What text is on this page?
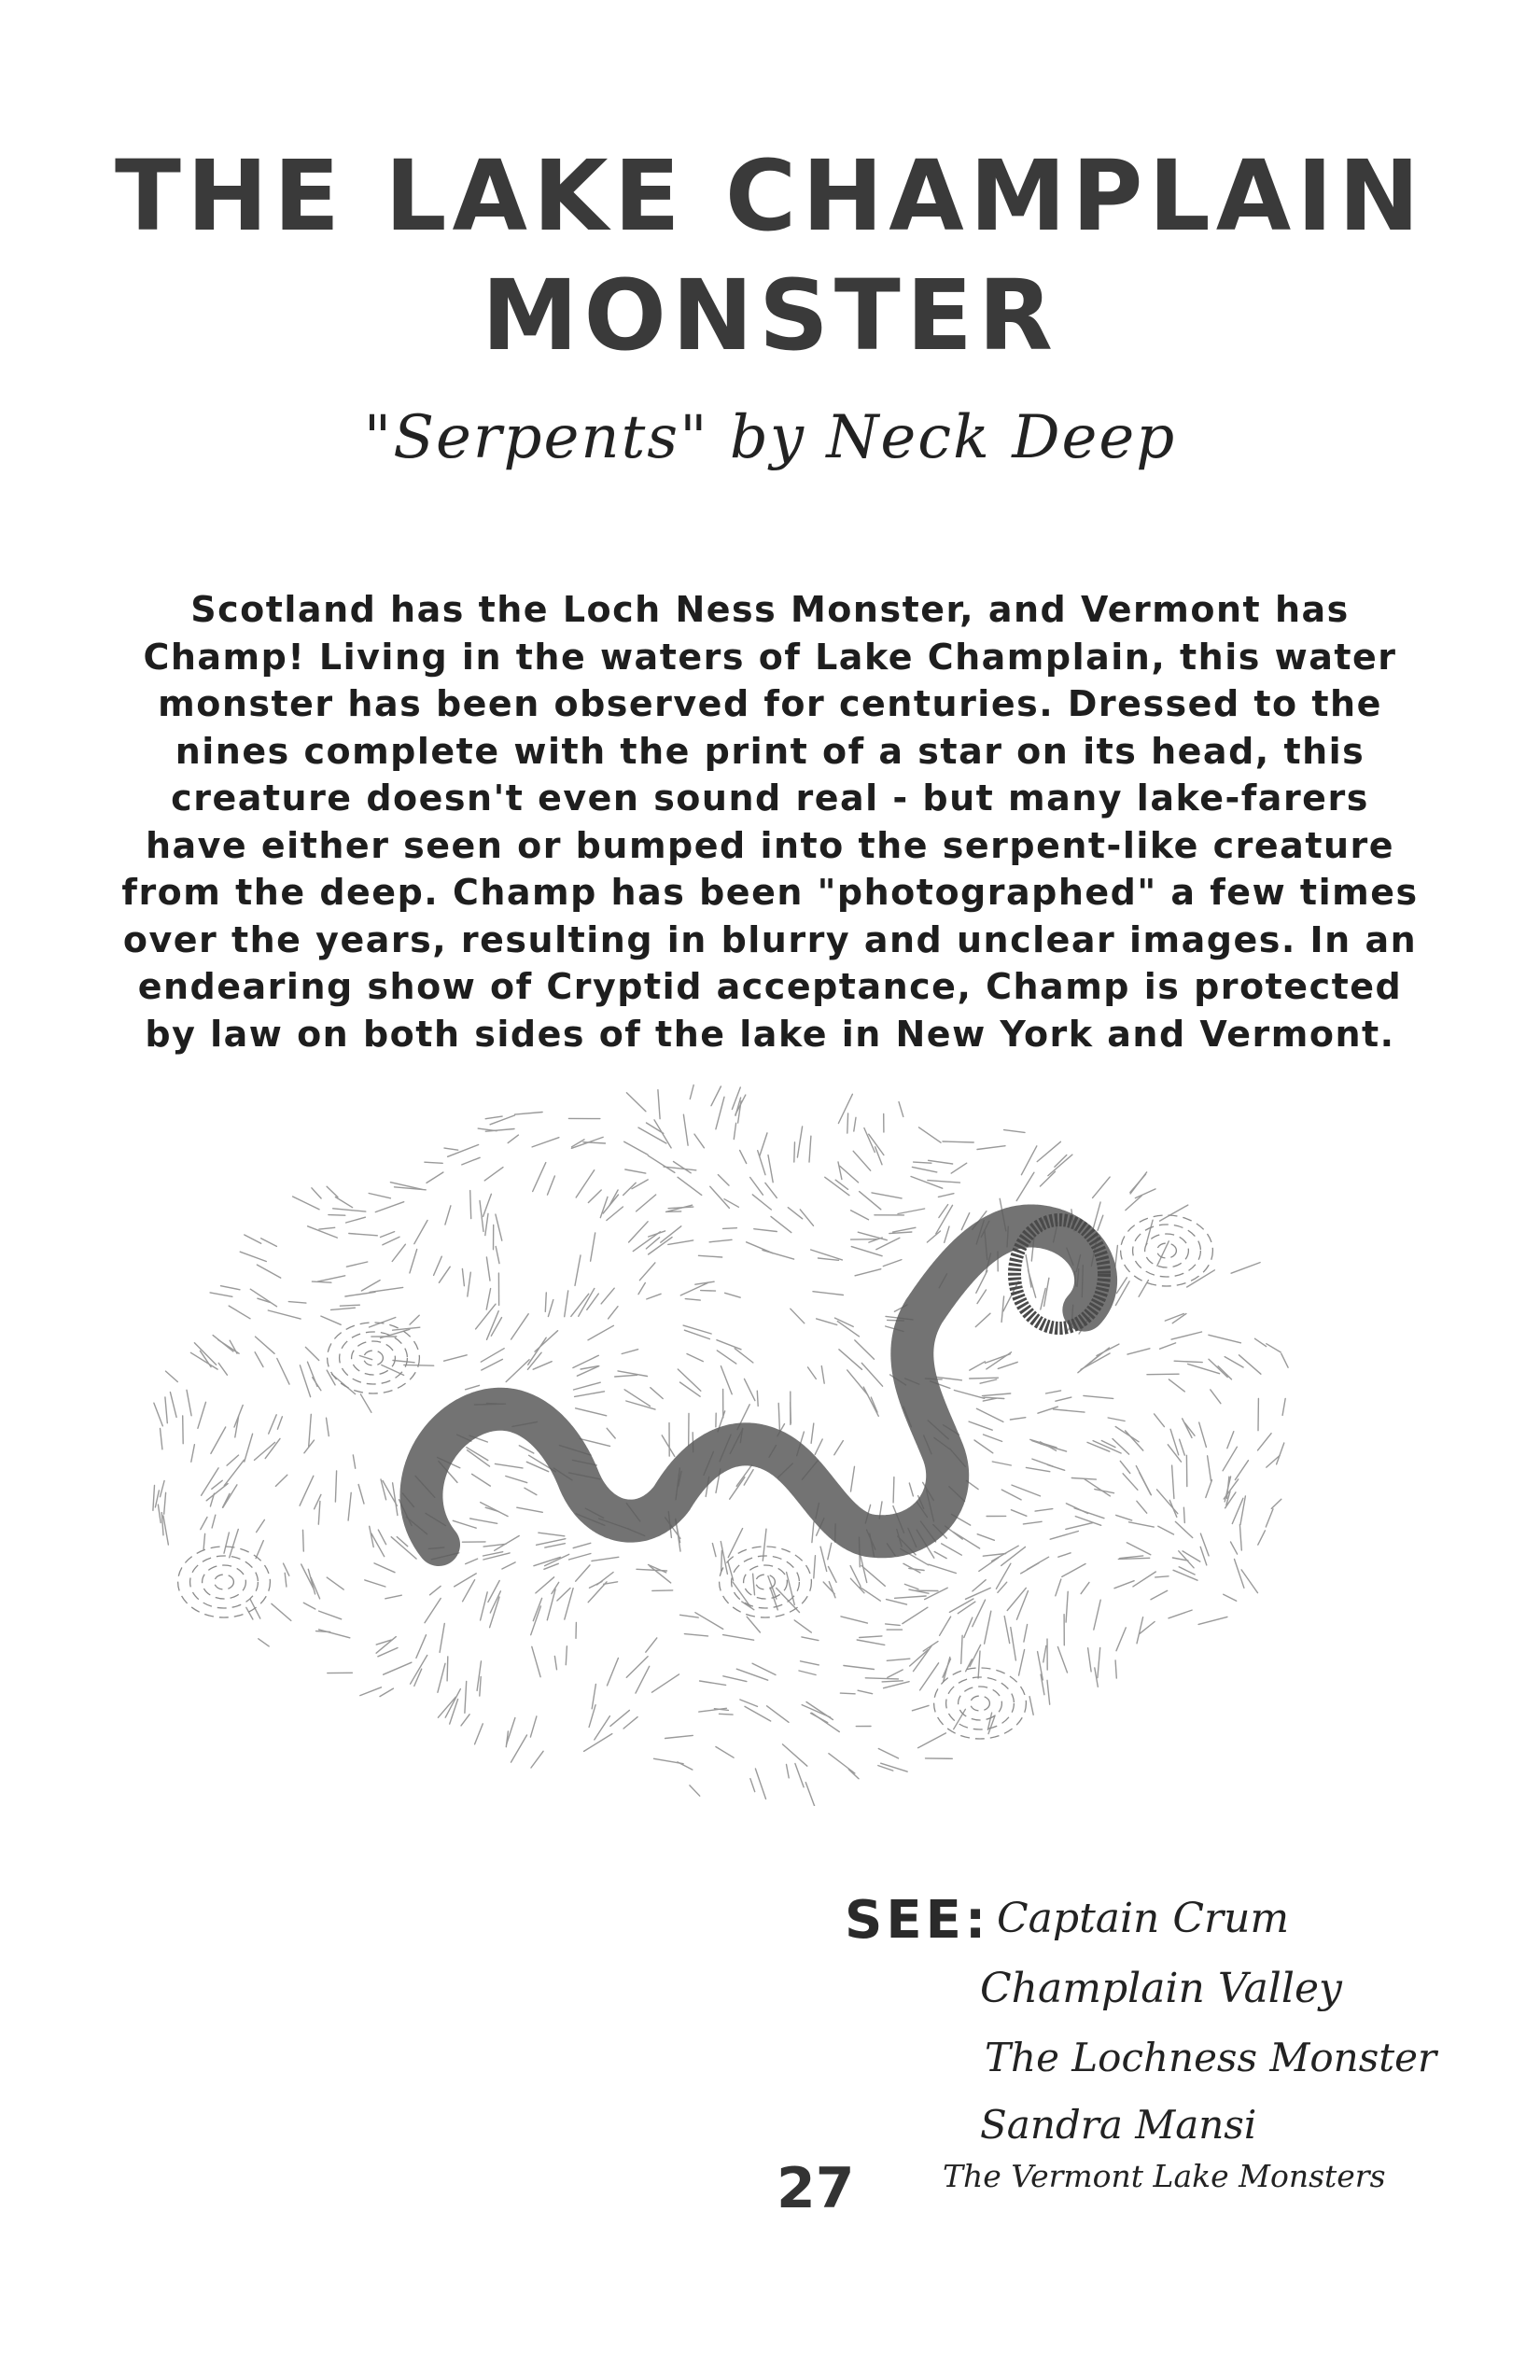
THE LAKE CHAMPLAIN
MONSTER
"Serpents" by Neck Deep

Scotland has the Loch Ness Monster, and Vermont has Champ! Living in the waters of Lake Champlain, this water monster has been observed for centuries. Dressed to the nines complete with the print of a star on its head, this creature doesn't even sound real - but many lake-farers have either seen or bumped into the serpent-like creature from the deep. Champ has been "photographed" a few times over the years, resulting in blurry and unclear images. In an endearing show of Cryptid acceptance, Champ is protected by law on both sides of the lake in New York and Vermont.

SEE: Captain Crum
Champlain Valley
The Lochness Monster
Sandra Mansi
The Vermont Lake Monsters
27
